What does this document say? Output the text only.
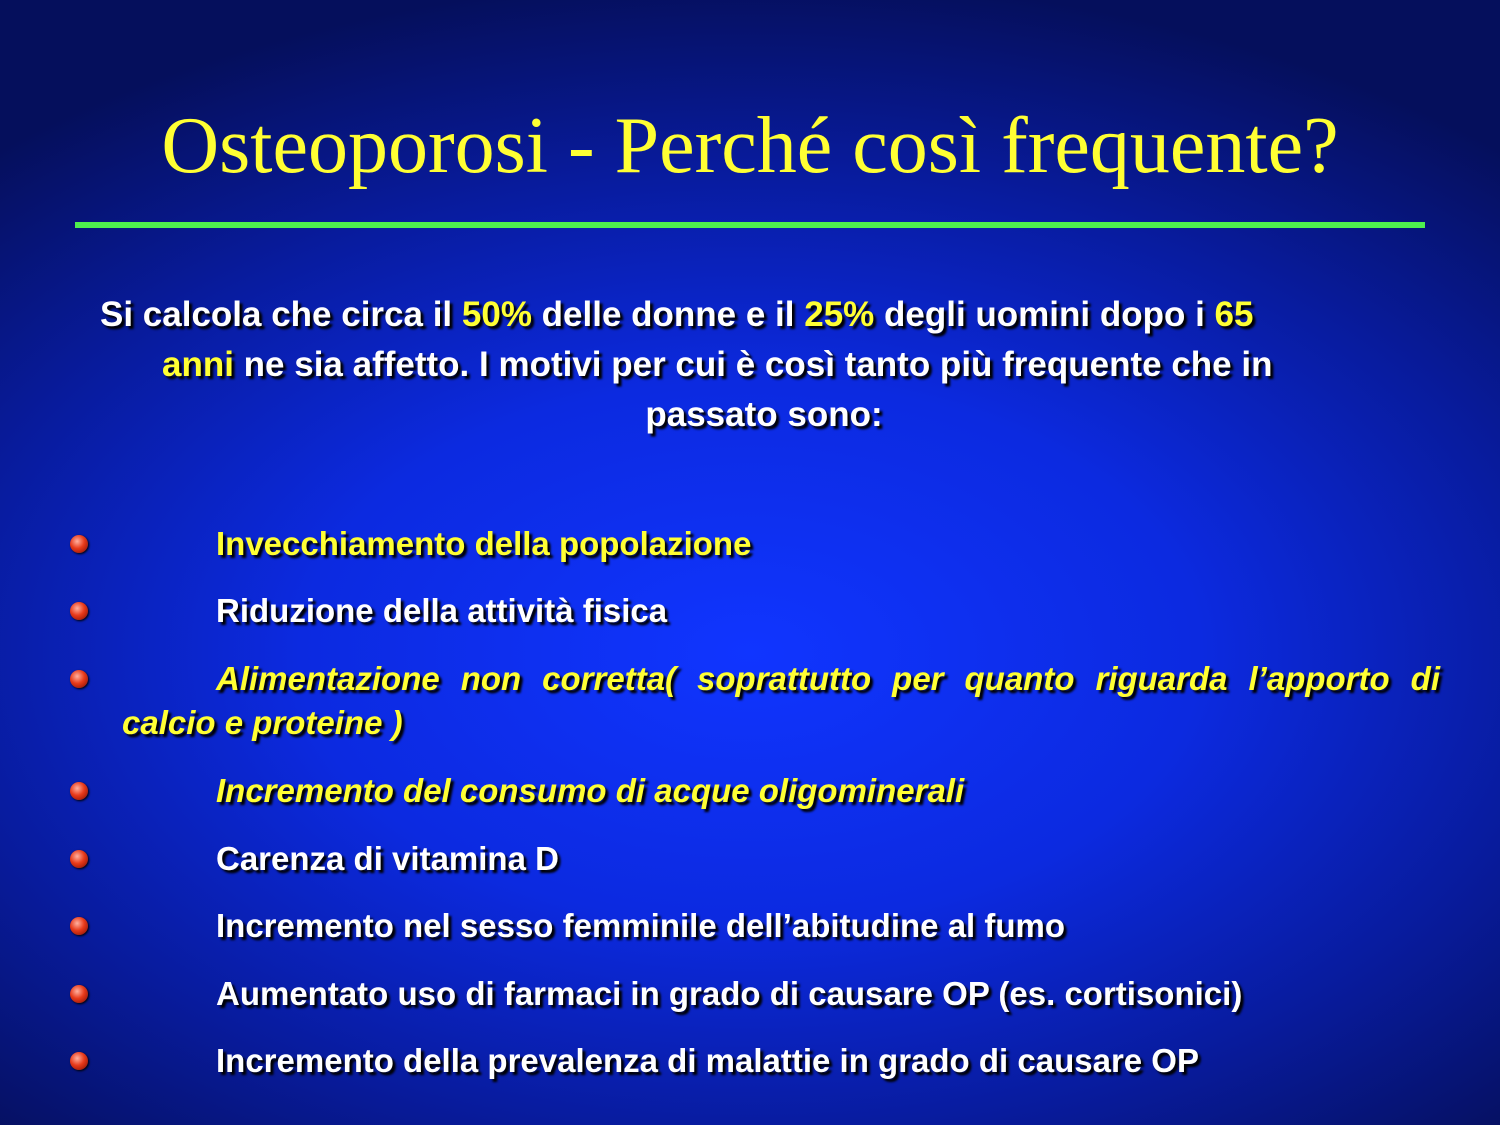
Osteoporosi - Perché così frequente?
Si calcola che circa il 50% delle donne e il 25% degli uomini dopo i 65
anni ne sia affetto. I motivi per cui è così tanto più frequente che in
passato sono:
Invecchiamento della popolazione
Riduzione della attività fisica
Alimentazione non corretta( soprattutto per quanto riguarda l’apporto di calcio e proteine )
Incremento del consumo di acque oligominerali
Carenza di vitamina D
Incremento nel sesso femminile dell’abitudine al fumo
Aumentato uso di farmaci in grado di causare OP (es. cortisonici)
Incremento della prevalenza di malattie in grado di causare OP
